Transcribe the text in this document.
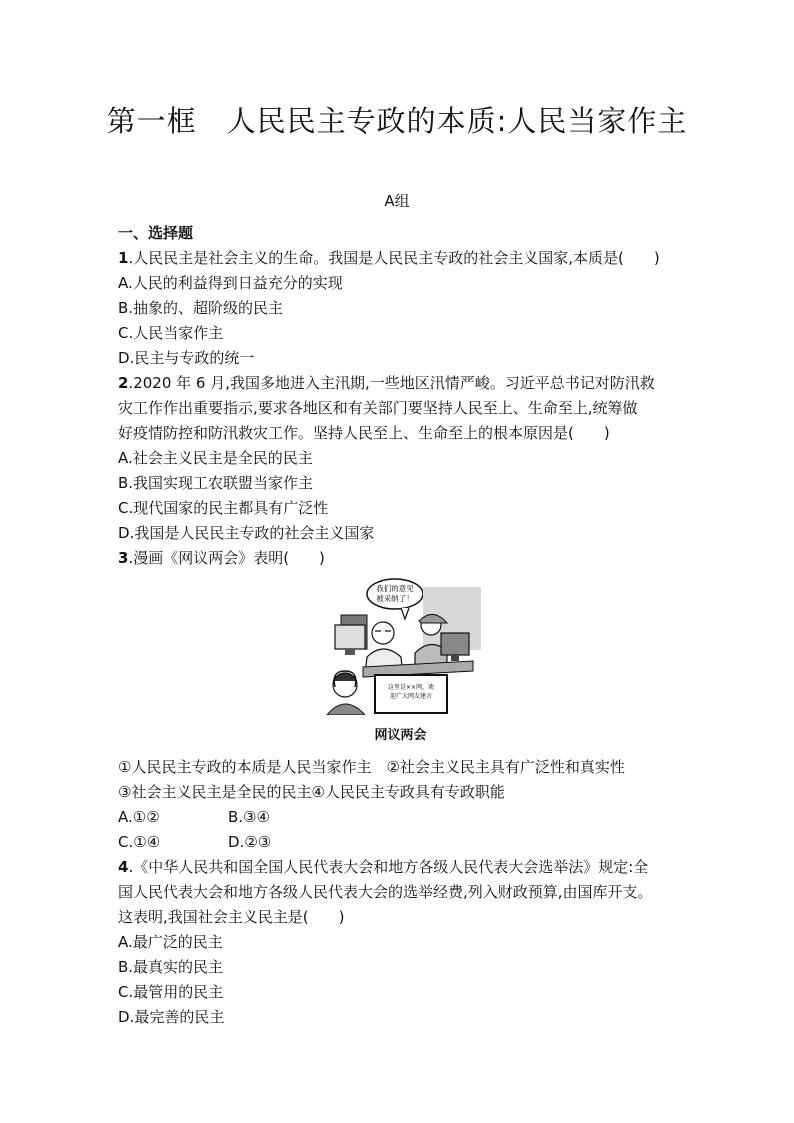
第一框　人民民主专政的本质:人民当家作主
A组
一、选择题
1.人民民主是社会主义的生命。我国是人民民主专政的社会主义国家,本质是(　　)
A.人民的利益得到日益充分的实现
B.抽象的、超阶级的民主
C.人民当家作主
D.民主与专政的统一
2.2020 年 6 月,我国多地进入主汛期,一些地区汛情严峻。习近平总书记对防汛救
灾工作作出重要指示,要求各地区和有关部门要坚持人民至上、生命至上,统筹做
好疫情防控和防汛救灾工作。坚持人民至上、生命至上的根本原因是(　　)
A.社会主义民主是全民的民主
B.我国实现工农联盟当家作主
C.现代国家的民主都具有广泛性
D.我国是人民民主专政的社会主义国家
3.漫画《网议两会》表明(　　)
我们的意见
被采纳了！
这里是××网，欢
迎广大网友建言
网议两会
①人民民主专政的本质是人民当家作主　②社会主义民主具有广泛性和真实性
③社会主义民主是全民的民主④人民民主专政具有专政职能
A.①②	B.③④
C.①④	D.②③
4.《中华人民共和国全国人民代表大会和地方各级人民代表大会选举法》规定:全
国人民代表大会和地方各级人民代表大会的选举经费,列入财政预算,由国库开支。
这表明,我国社会主义民主是(　　)
A.最广泛的民主
B.最真实的民主
C.最管用的民主
D.最完善的民主
